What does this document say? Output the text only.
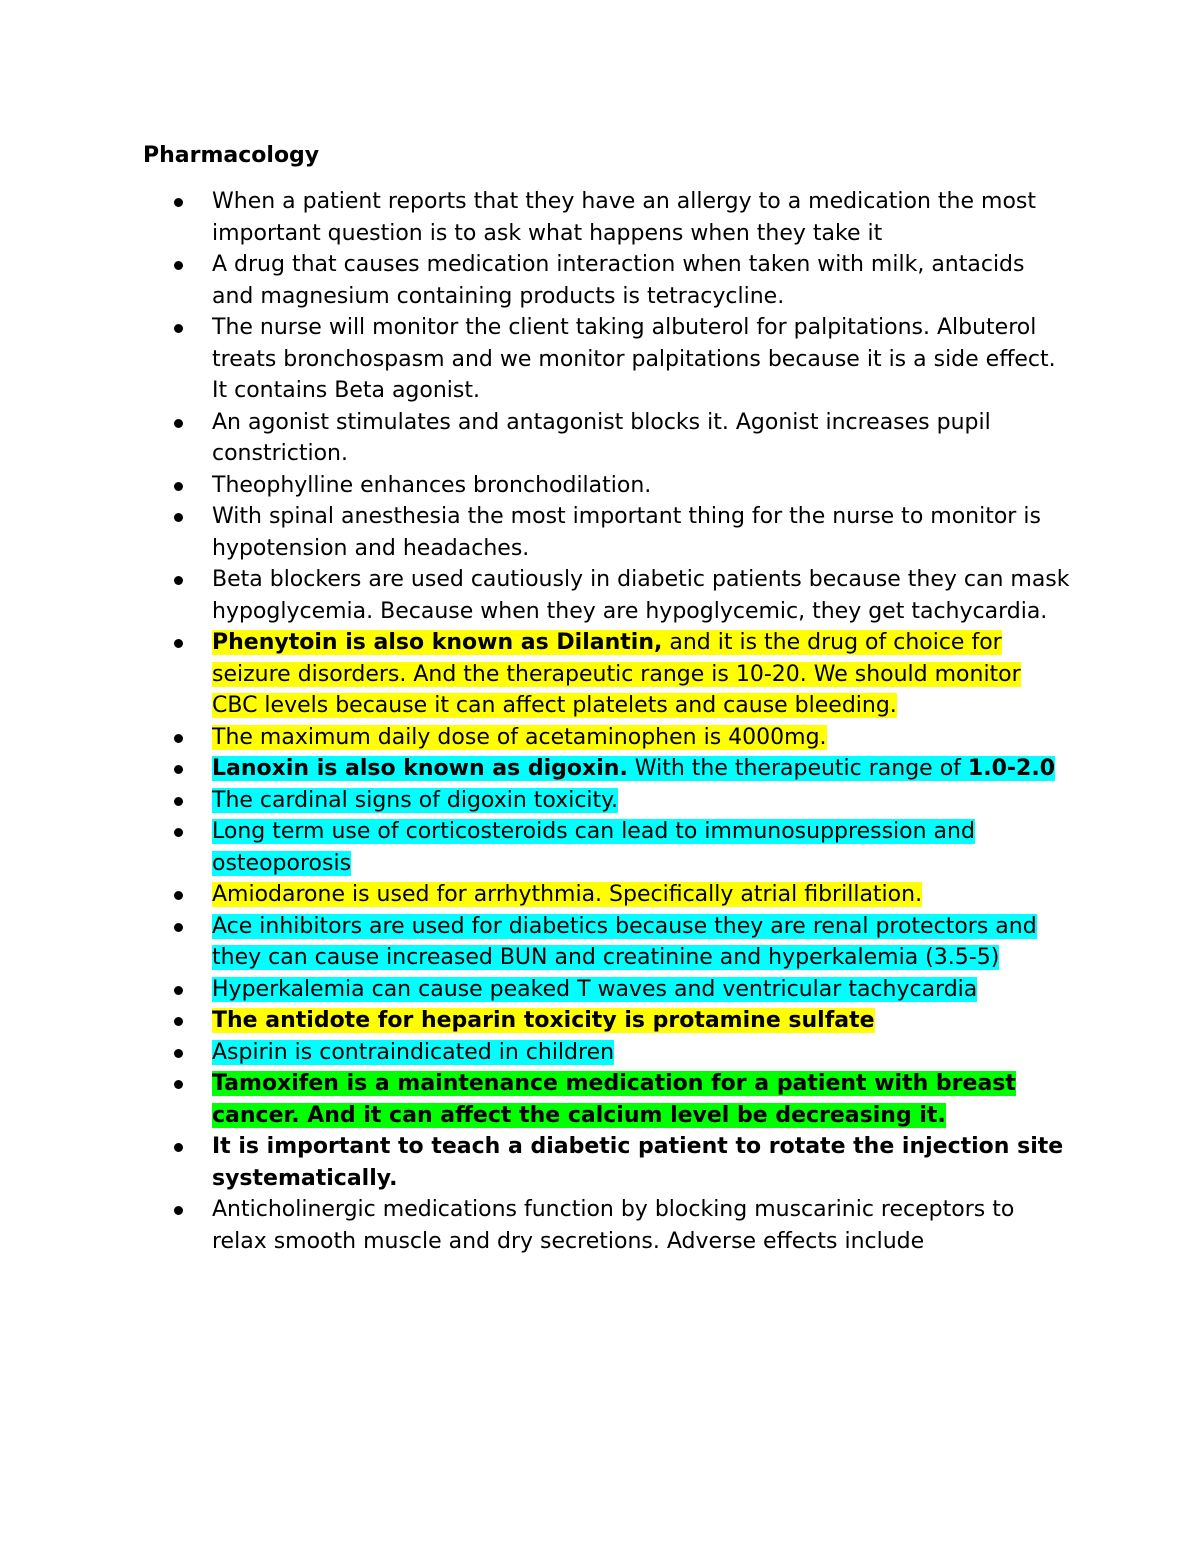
Pharmacology
When a patient reports that they have an allergy to a medication the most important question is to ask what happens when they take it
A drug that causes medication interaction when taken with milk, antacids and magnesium containing products is tetracycline.
The nurse will monitor the client taking albuterol for palpitations. Albuterol treats bronchospasm and we monitor palpitations because it is a side effect. It contains Beta agonist.
An agonist stimulates and antagonist blocks it. Agonist increases pupil constriction.
Theophylline enhances bronchodilation.
With spinal anesthesia the most important thing for the nurse to monitor is hypotension and headaches.
Beta blockers are used cautiously in diabetic patients because they can mask hypoglycemia. Because when they are hypoglycemic, they get tachycardia.
Phenytoin is also known as Dilantin, and it is the drug of choice for seizure disorders. And the therapeutic range is 10-20. We should monitor CBC levels because it can affect platelets and cause bleeding.
The maximum daily dose of acetaminophen is 4000mg.
Lanoxin is also known as digoxin. With the therapeutic range of 1.0-2.0
The cardinal signs of digoxin toxicity.
Long term use of corticosteroids can lead to immunosuppression and osteoporosis
Amiodarone is used for arrhythmia. Specifically atrial fibrillation.
Ace inhibitors are used for diabetics because they are renal protectors and they can cause increased BUN and creatinine and hyperkalemia (3.5-5)
Hyperkalemia can cause peaked T waves and ventricular tachycardia
The antidote for heparin toxicity is protamine sulfate
Aspirin is contraindicated in children
Tamoxifen is a maintenance medication for a patient with breast cancer. And it can affect the calcium level be decreasing it.
It is important to teach a diabetic patient to rotate the injection site systematically.
Anticholinergic medications function by blocking muscarinic receptors to relax smooth muscle and dry secretions. Adverse effects include
